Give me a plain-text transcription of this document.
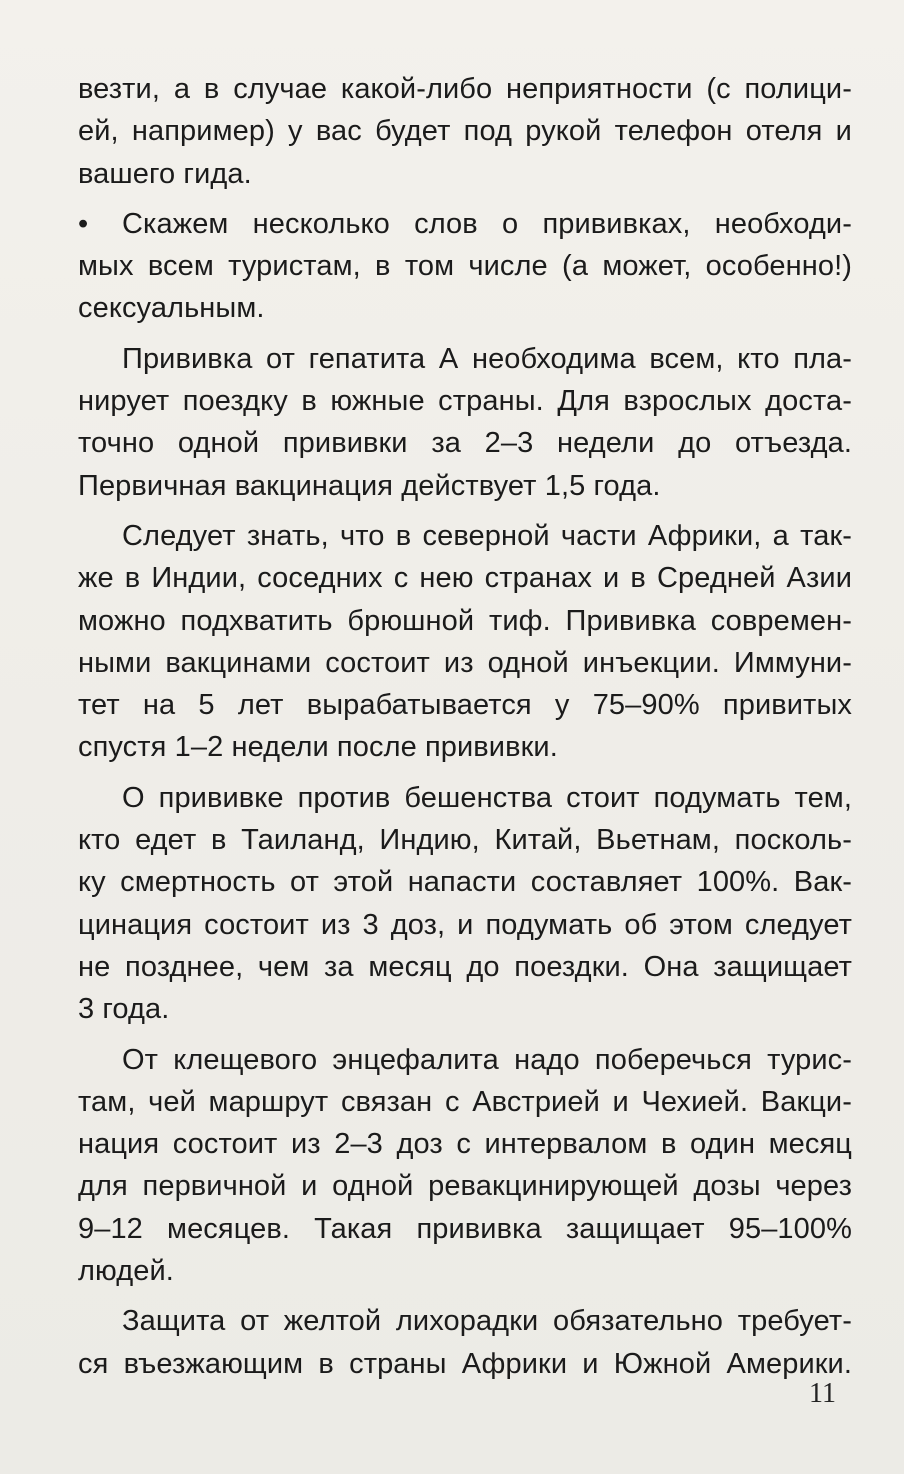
везти, а в случае какой-либо неприятности (с полици-
ей, например) у вас будет под рукой телефон отеля и
вашего гида.
• Скажем несколько слов о прививках, необходи-
мых всем туристам, в том числе (а может, особенно!)
сексуальным.
Прививка от гепатита А необходима всем, кто пла-
нирует поездку в южные страны. Для взрослых доста-
точно одной прививки за 2–3 недели до отъезда.
Первичная вакцинация действует 1,5 года.
Следует знать, что в северной части Африки, а так-
же в Индии, соседних с нею странах и в Средней Азии
можно подхватить брюшной тиф. Прививка современ-
ными вакцинами состоит из одной инъекции. Иммуни-
тет на 5 лет вырабатывается у 75–90% привитых
спустя 1–2 недели после прививки.
О прививке против бешенства стоит подумать тем,
кто едет в Таиланд, Индию, Китай, Вьетнам, посколь-
ку смертность от этой напасти составляет 100%. Вак-
цинация состоит из 3 доз, и подумать об этом следует
не позднее, чем за месяц до поездки. Она защищает
3 года.
От клещевого энцефалита надо поберечься турис-
там, чей маршрут связан с Австрией и Чехией. Вакци-
нация состоит из 2–3 доз с интервалом в один месяц
для первичной и одной ревакцинирующей дозы через
9–12 месяцев. Такая прививка защищает 95–100%
людей.
Защита от желтой лихорадки обязательно требует-
ся въезжающим в страны Африки и Южной Америки.
11
